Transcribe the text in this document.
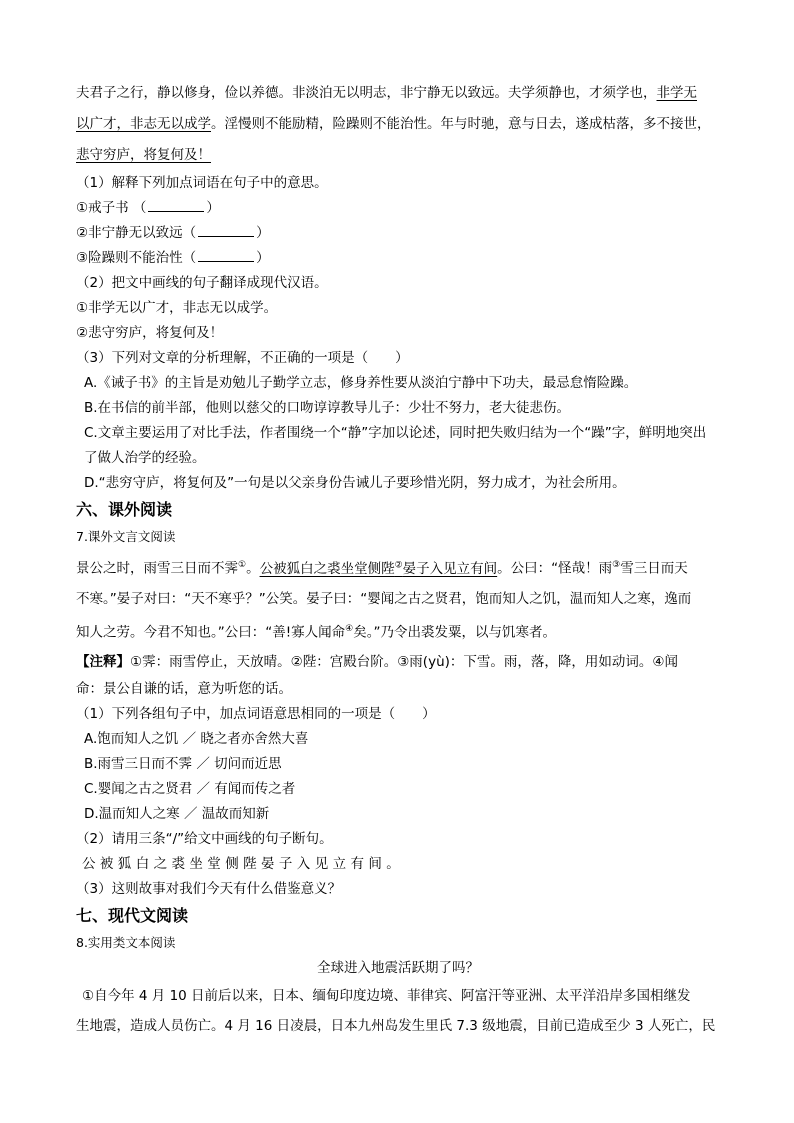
夫君子之行，静以修身，俭以养德。非淡泊无以明志，非宁静无以致远。夫学须静也，才须学也，非学无

以广才，非志无以成学。淫慢则不能励精，险躁则不能治性。年与时驰，意与日去，遂成枯落，多不接世，

悲守穷庐，将复何及！

（1）解释下列加点词语在句子中的意思。

①戒子书 （	）

②非宁静无以致远（	）

③险躁则不能治性（	）

（2）把文中画线的句子翻译成现代汉语。

①非学无以广才，非志无以成学。

②悲守穷庐，将复何及！

（3）下列对文章的分析理解，不正确的一项是（　　）

A.《诫子书》的主旨是劝勉儿子勤学立志，修身养性要从淡泊宁静中下功夫，最忌怠惰险躁。

B.在书信的前半部，他则以慈父的口吻谆谆教导儿子：少壮不努力，老大徒悲伤。

C.文章主要运用了对比手法，作者围绕一个“静”字加以论述，同时把失败归结为一个“躁”字，鲜明地突出

了做人治学的经验。

D.“悲穷守庐，将复何及”一句是以父亲身份告诫儿子要珍惜光阴，努力成才，为社会所用。

六、课外阅读

7.课外文言文阅读

景公之时，雨雪三日而不霁①。公被狐白之裘坐堂侧陛②晏子入见立有间。公曰：“怪哉！雨③雪三日而天

不寒。”晏子对曰：“天不寒乎？”公笑。晏子曰：“婴闻之古之贤君，饱而知人之饥，温而知人之寒，逸而

知人之劳。今君不知也。”公曰：“善!寡人闻命④矣。”乃令出裘发粟，以与饥寒者。

【注释】①霁：雨雪停止，天放晴。②陛：宫殿台阶。③雨(yù)：下雪。雨，落，降，用如动词。④闻

命：景公自谦的话，意为听您的话。

（1）下列各组句子中，加点词语意思相同的一项是（　　）

A.饱而知人之饥 ／ 晓之者亦舍然大喜

B.雨雪三日而不霁 ／ 切问而近思

C.婴闻之古之贤君 ／ 有闻而传之者

D.温而知人之寒 ／ 温故而知新

（2）请用三条“/”给文中画线的句子断句。

公被狐白之裘坐堂侧陛晏子入见立有间。

（3）这则故事对我们今天有什么借鉴意义？

七、现代文阅读

8.实用类文本阅读

全球进入地震活跃期了吗？

①自今年 4 月 10 日前后以来，日本、缅甸印度边境、菲律宾、阿富汗等亚洲、太平洋沿岸多国相继发

生地震，造成人员伤亡。4 月 16 日凌晨，日本九州岛发生里氏 7.3 级地震，目前已造成至少 3 人死亡，民
